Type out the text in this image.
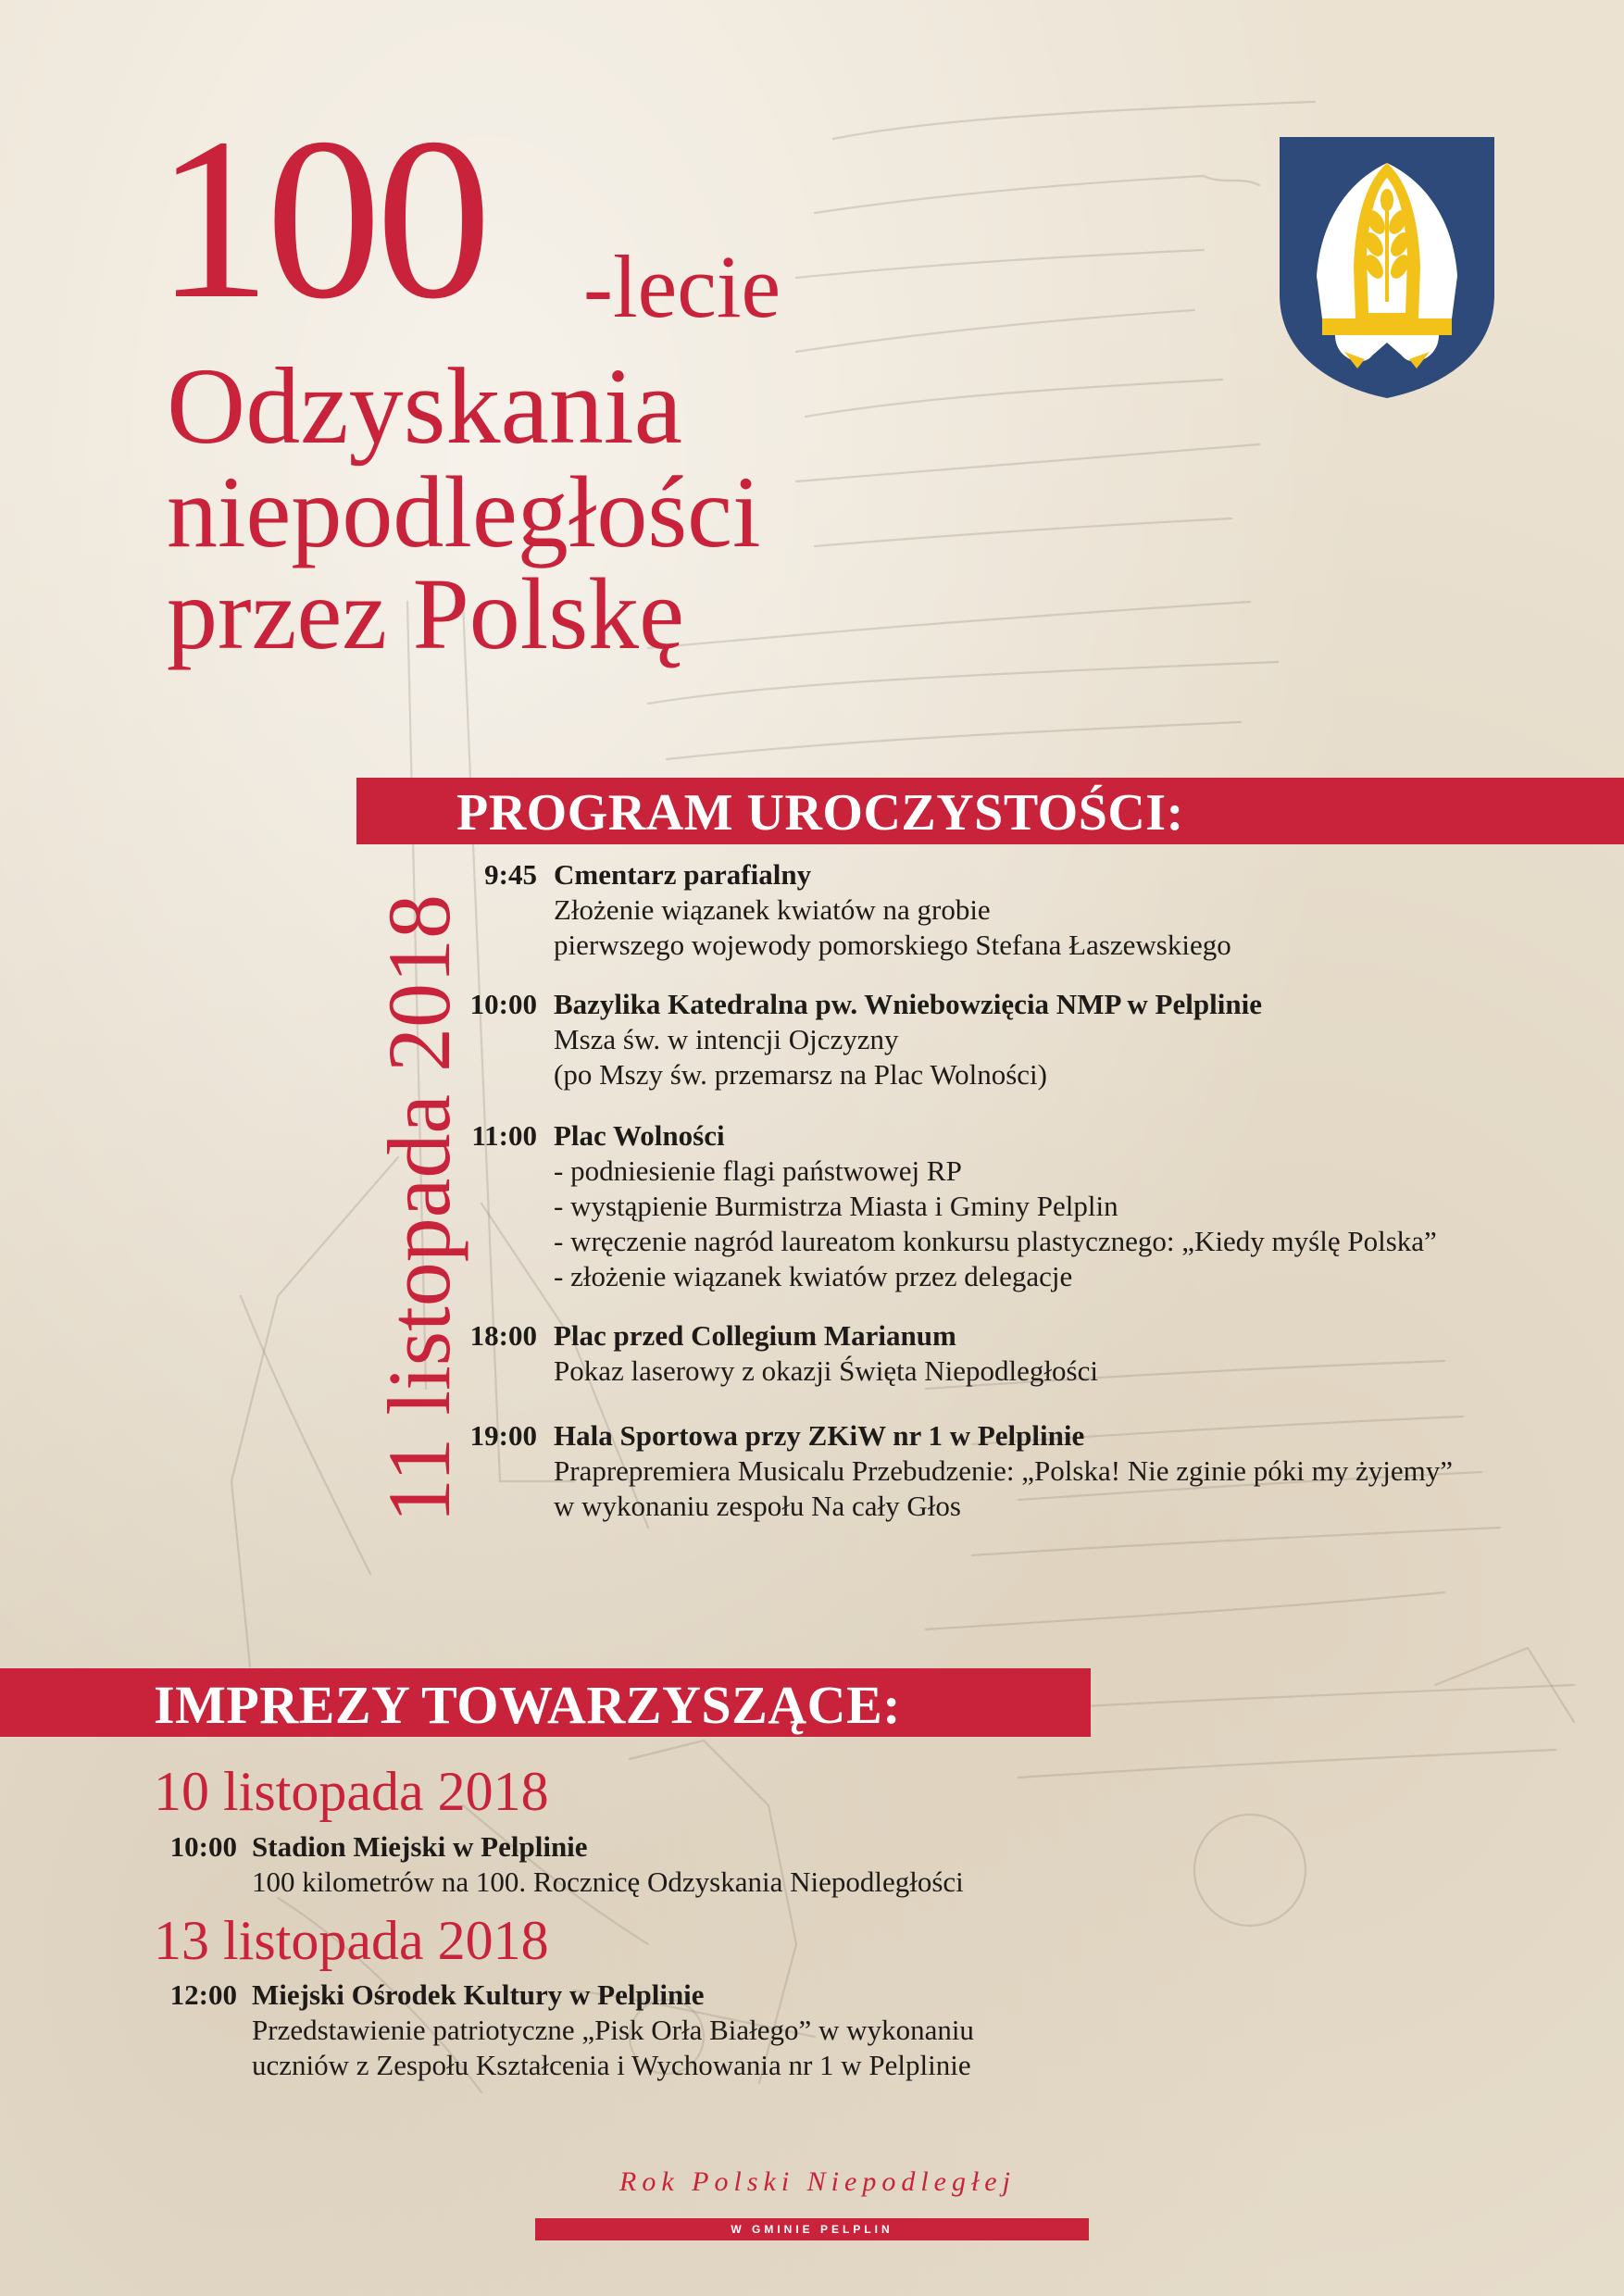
100 -lecie
Odzyskania
niepodległości
przez Polskę
PROGRAM UROCZYSTOŚCI:
11 listopada 2018
9:45 Cmentarz parafialny
Złożenie wiązanek kwiatów na grobie
pierwszego wojewody pomorskiego Stefana Łaszewskiego
10:00 Bazylika Katedralna pw. Wniebowzięcia NMP w Pelplinie
Msza św. w intencji Ojczyzny
(po Mszy św. przemarsz na Plac Wolności)
11:00 Plac Wolności
- podniesienie flagi państwowej RP
- wystąpienie Burmistrza Miasta i Gminy Pelplin
- wręczenie nagród laureatom konkursu plastycznego: „Kiedy myślę Polska”
- złożenie wiązanek kwiatów przez delegacje
18:00 Plac przed Collegium Marianum
Pokaz laserowy z okazji Święta Niepodległości
19:00 Hala Sportowa przy ZKiW nr 1 w Pelplinie
Praprepremiera Musicalu Przebudzenie: „Polska! Nie zginie póki my żyjemy”
w wykonaniu zespołu Na cały Głos
IMPREZY TOWARZYSZĄCE:
10 listopada 2018
10:00 Stadion Miejski w Pelplinie
100 kilometrów na 100. Rocznicę Odzyskania Niepodległości
13 listopada 2018
12:00 Miejski Ośrodek Kultury w Pelplinie
Przedstawienie patriotyczne „Pisk Orła Białego” w wykonaniu
uczniów z Zespołu Kształcenia i Wychowania nr 1 w Pelplinie
Rok Polski Niepodległej
W GMINIE PELPLIN
